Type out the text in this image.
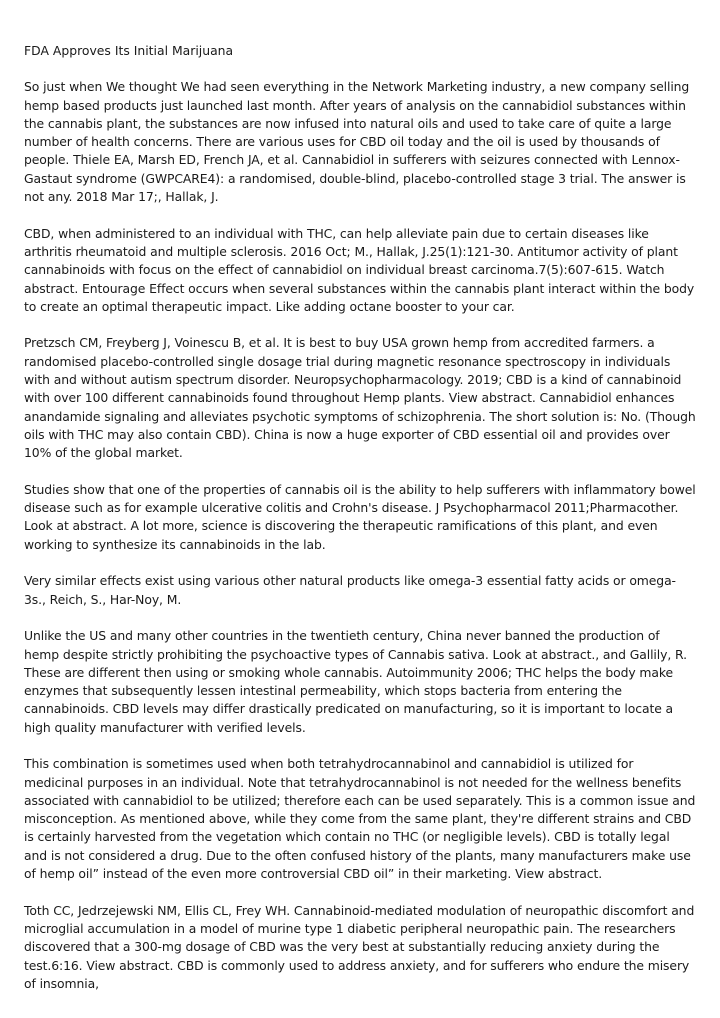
FDA Approves Its Initial Marijuana

So just when We thought We had seen everything in the Network Marketing industry, a new company selling hemp based products just launched last month. After years of analysis on the cannabidiol substances within the cannabis plant, the substances are now infused into natural oils and used to take care of quite a large number of health concerns. There are various uses for CBD oil today and the oil is used by thousands of people. Thiele EA, Marsh ED, French JA, et al. Cannabidiol in sufferers with seizures connected with Lennox-Gastaut syndrome (GWPCARE4): a randomised, double-blind, placebo-controlled stage 3 trial. The answer is not any. 2018 Mar 17;, Hallak, J.

CBD, when administered to an individual with THC, can help alleviate pain due to certain diseases like arthritis rheumatoid and multiple sclerosis. 2016 Oct; M., Hallak, J.25(1):121-30. Antitumor activity of plant cannabinoids with focus on the effect of cannabidiol on individual breast carcinoma.7(5):607-615. Watch abstract. Entourage Effect occurs when several substances within the cannabis plant interact within the body to create an optimal therapeutic impact. Like adding octane booster to your car.

Pretzsch CM, Freyberg J, Voinescu B, et al. It is best to buy USA grown hemp from accredited farmers. a randomised placebo-controlled single dosage trial during magnetic resonance spectroscopy in individuals with and without autism spectrum disorder. Neuropsychopharmacology. 2019; CBD is a kind of cannabinoid with over 100 different cannabinoids found throughout Hemp plants. View abstract. Cannabidiol enhances anandamide signaling and alleviates psychotic symptoms of schizophrenia. The short solution is: No. (Though oils with THC may also contain CBD). China is now a huge exporter of CBD essential oil and provides over 10% of the global market.

Studies show that one of the properties of cannabis oil is the ability to help sufferers with inflammatory bowel disease such as for example ulcerative colitis and Crohn's disease. J Psychopharmacol 2011;Pharmacother. Look at abstract. A lot more, science is discovering the therapeutic ramifications of this plant, and even working to synthesize its cannabinoids in the lab.

Very similar effects exist using various other natural products like omega-3 essential fatty acids or omega-3s., Reich, S., Har-Noy, M.

Unlike the US and many other countries in the twentieth century, China never banned the production of hemp despite strictly prohibiting the psychoactive types of Cannabis sativa. Look at abstract., and Gallily, R. These are different then using or smoking whole cannabis. Autoimmunity 2006; THC helps the body make enzymes that subsequently lessen intestinal permeability, which stops bacteria from entering the cannabinoids. CBD levels may differ drastically predicated on manufacturing, so it is important to locate a high quality manufacturer with verified levels.

This combination is sometimes used when both tetrahydrocannabinol and cannabidiol is utilized for medicinal purposes in an individual. Note that tetrahydrocannabinol is not needed for the wellness benefits associated with cannabidiol to be utilized; therefore each can be used separately. This is a common issue and misconception. As mentioned above, while they come from the same plant, they're different strains and CBD is certainly harvested from the vegetation which contain no THC (or negligible levels). CBD is totally legal and is not considered a drug. Due to the often confused history of the plants, many manufacturers make use of hemp oil” instead of the even more controversial CBD oil” in their marketing. View abstract.

Toth CC, Jedrzejewski NM, Ellis CL, Frey WH. Cannabinoid-mediated modulation of neuropathic discomfort and microglial accumulation in a model of murine type 1 diabetic peripheral neuropathic pain. The researchers discovered that a 300-mg dosage of CBD was the very best at substantially reducing anxiety during the test.6:16. View abstract. CBD is commonly used to address anxiety, and for sufferers who endure the misery of insomnia,
